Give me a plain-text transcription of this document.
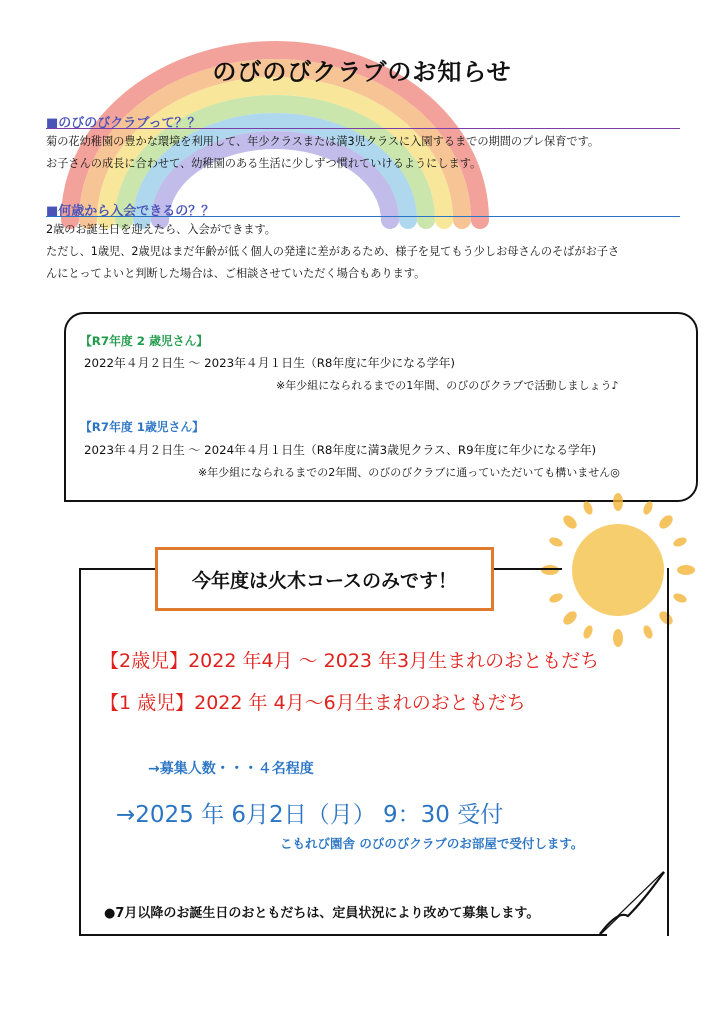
のびのびクラブのお知らせ
■のびのびクラブって？？
菊の花幼稚園の豊かな環境を利用して、年少クラスまたは満3児クラスに入園するまでの期間のプレ保育です。
お子さんの成長に合わせて、幼稚園のある生活に少しずつ慣れていけるようにします。
■何歳から入会できるの？？
2歳のお誕生日を迎えたら、入会ができます。
ただし、1歳児、2歳児はまだ年齢が低く個人の発達に差があるため、様子を見てもう少しお母さんのそばがお子さ
んにとってよいと判断した場合は、ご相談させていただく場合もあります。
【R7年度 2 歳児さん】
2022年４月２日生 ～ 2023年４月１日生（R8年度に年少になる学年)
※年少組になられるまでの1年間、のびのびクラブで活動しましょう♪
【R7年度 1歳児さん】
2023年４月２日生 ～ 2024年４月１日生（R8年度に満3歳児クラス、R9年度に年少になる学年)
※年少組になられるまでの2年間、のびのびクラブに通っていただいても構いません◎
今年度は火木コースのみです！
【2歳児】2022 年4月 ～ 2023 年3月生まれのおともだち
【1 歳児】2022 年 4月～6月生まれのおともだち
→募集人数・・・４名程度
→2025 年 6月2日（月） 9：30 受付
こもれび園舎 のびのびクラブのお部屋で受付します。
●7月以降のお誕生日のおともだちは、定員状況により改めて募集します。
